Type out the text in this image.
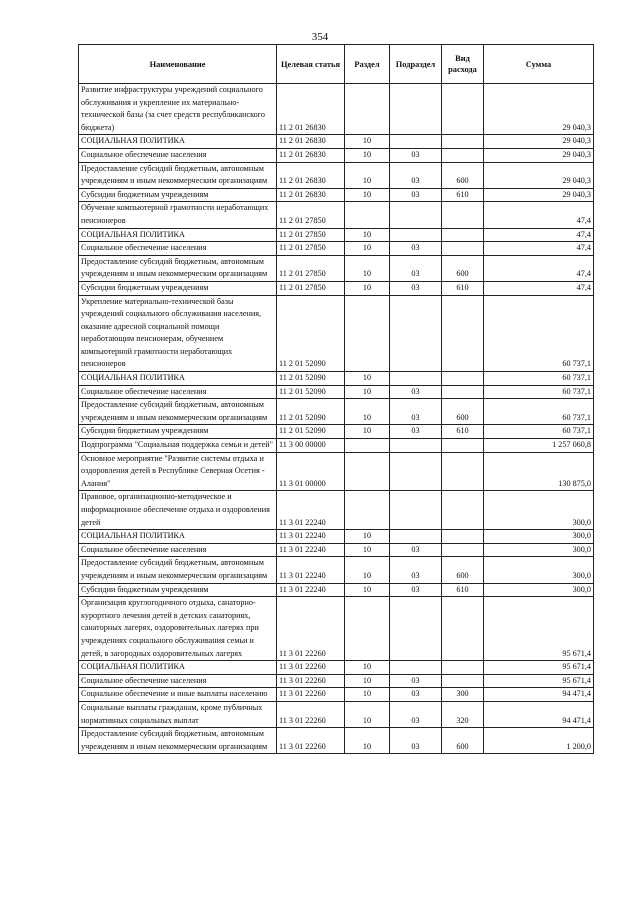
354
Наименование	Целевая статья	Раздел	Подраздел	Вид расхода	Сумма
Развитие инфраструктуры учреждений социального обслуживания и укрепление их материально-технической базы (за счет средств республиканского бюджета)	11 2 01 26830				29 040,3
СОЦИАЛЬНАЯ ПОЛИТИКА	11 2 01 26830	10			29 040,3
Социальное обеспечение населения	11 2 01 26830	10	03		29 040,3
Предоставление субсидий бюджетным, автономным учреждениям и иным некоммерческим организациям	11 2 01 26830	10	03	600	29 040,3
Субсидии бюджетным учреждениям	11 2 01 26830	10	03	610	29 040,3
Обучение компьютерной грамотности неработающих пенсионеров	11 2 01 27850				47,4
СОЦИАЛЬНАЯ ПОЛИТИКА	11 2 01 27850	10			47,4
Социальное обеспечение населения	11 2 01 27850	10	03		47,4
Предоставление субсидий бюджетным, автономным учреждениям и иным некоммерческим организациям	11 2 01 27850	10	03	600	47,4
Субсидии бюджетным учреждениям	11 2 01 27850	10	03	610	47,4
Укрепление материально-технической базы учреждений социального обслуживания населения, оказание адресной социальной помощи неработающим пенсионерам, обучением компьютерной грамотности неработающих пенсионеров	11 2 01 52090				60 737,1
СОЦИАЛЬНАЯ ПОЛИТИКА	11 2 01 52090	10			60 737,1
Социальное обеспечение населения	11 2 01 52090	10	03		60 737,1
Предоставление субсидий бюджетным, автономным учреждениям и иным некоммерческим организациям	11 2 01 52090	10	03	600	60 737,1
Субсидии бюджетным учреждениям	11 2 01 52090	10	03	610	60 737,1
Подпрограмма "Социальная поддержка семьи и детей"	11 3 00 00000				1 257 060,8
Основное мероприятие "Развитие системы отдыха и оздоровления детей в Республике Северная Осетия - Алания"	11 3 01 00000				130 875,0
Правовое, организационно-методическое и информационное обеспечение отдыха и оздоровления детей	11 3 01 22240				300,0
СОЦИАЛЬНАЯ ПОЛИТИКА	11 3 01 22240	10			300,0
Социальное обеспечение населения	11 3 01 22240	10	03		300,0
Предоставление субсидий бюджетным, автономным учреждениям и иным некоммерческим организациям	11 3 01 22240	10	03	600	300,0
Субсидии бюджетным учреждениям	11 3 01 22240	10	03	610	300,0
Организация круглогодичного отдыха, санаторно-курортного лечения детей в детских санаториях, санаторных лагерях, оздоровительных лагерях при учреждениях социального обслуживания семьи и детей, в загородных оздоровительных лагерях	11 3 01 22260				95 671,4
СОЦИАЛЬНАЯ ПОЛИТИКА	11 3 01 22260	10			95 671,4
Социальное обеспечение населения	11 3 01 22260	10	03		95 671,4
Социальное обеспечение и иные выплаты населению	11 3 01 22260	10	03	300	94 471,4
Социальные выплаты гражданам, кроме публичных нормативных социальных выплат	11 3 01 22260	10	03	320	94 471,4
Предоставление субсидий бюджетным, автономным учреждениям и иным некоммерческим организациям	11 3 01 22260	10	03	600	1 200,0
